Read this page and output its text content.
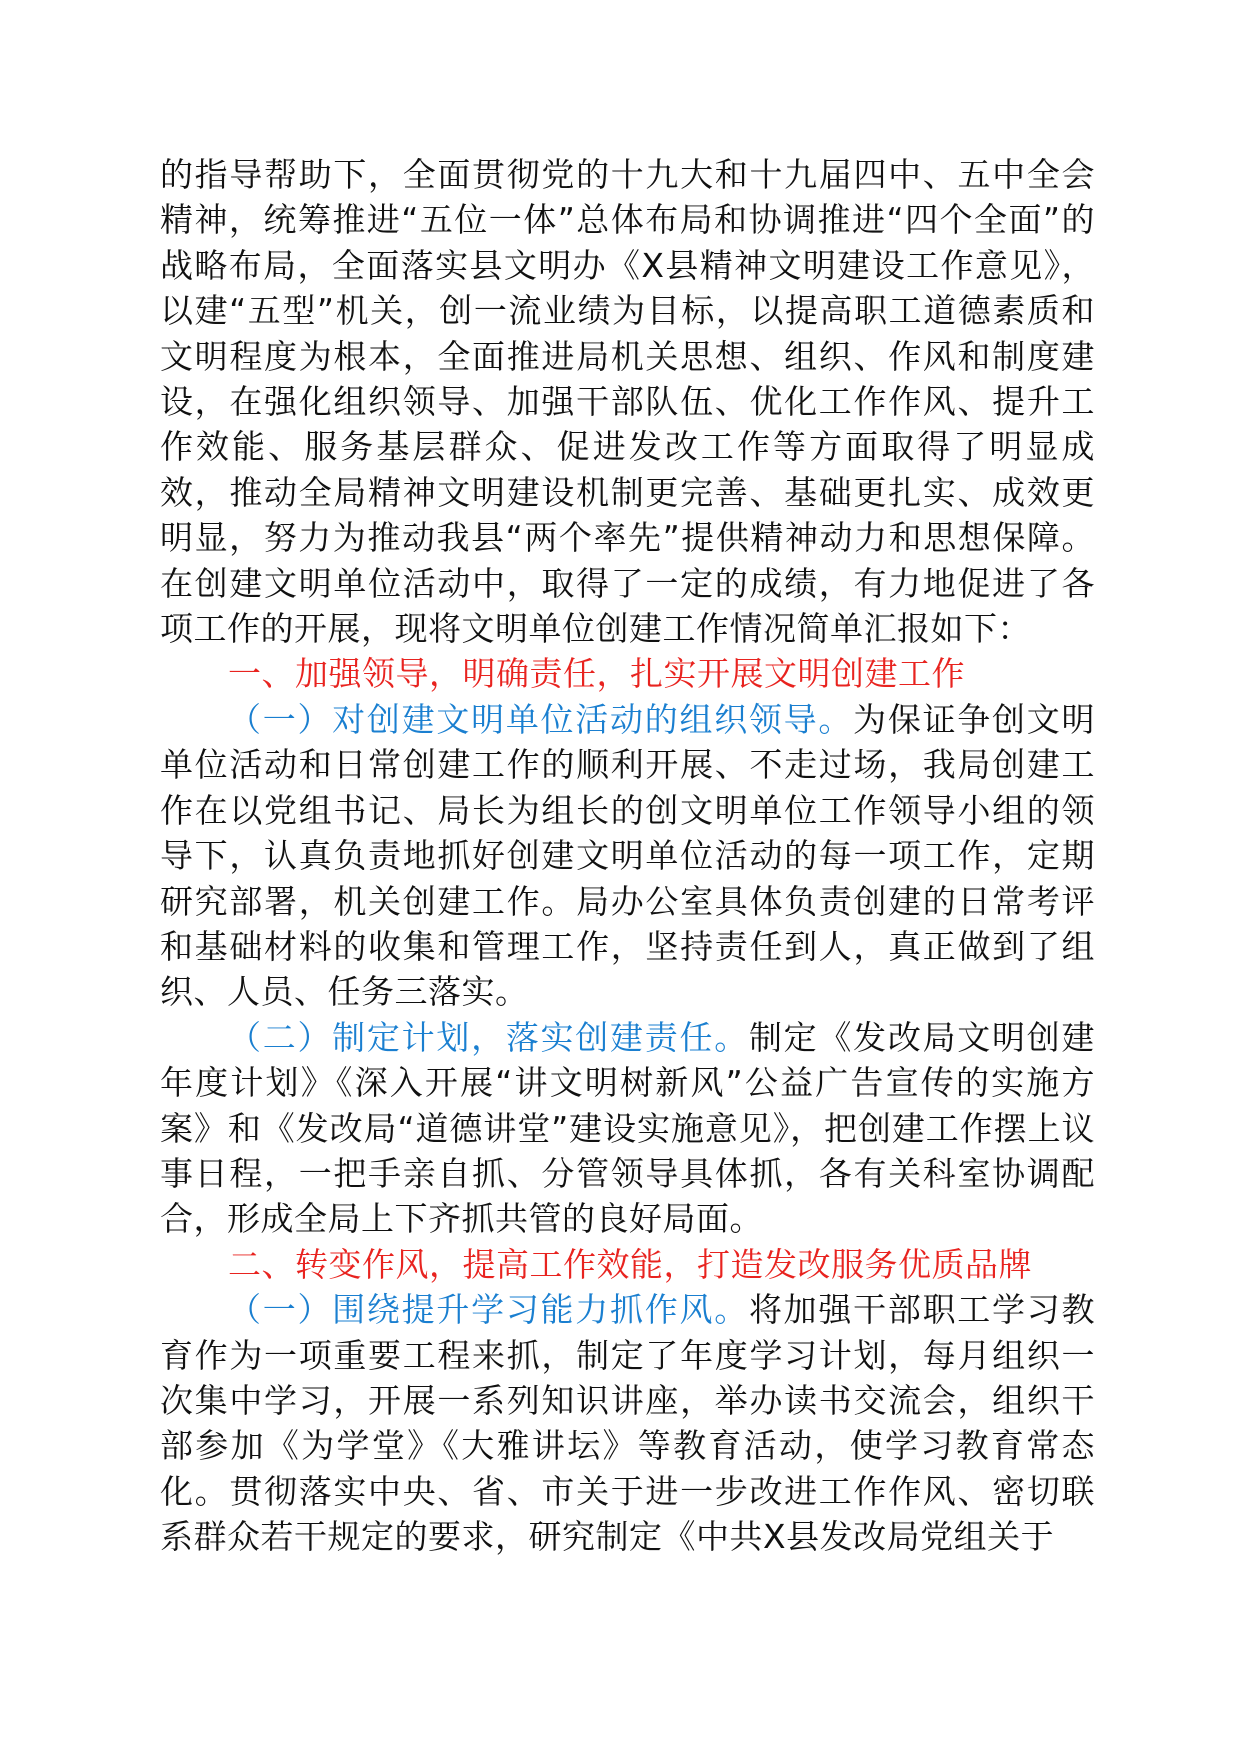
的指导帮助下，全面贯彻党的十九大和十九届四中、五中全会精神，统筹推进“五位一体”总体布局和协调推进“四个全面”的战略布局，全面落实县文明办《X县精神文明建设工作意见》，以建“五型”机关，创一流业绩为目标，以提高职工道德素质和文明程度为根本，全面推进局机关思想、组织、作风和制度建设，在强化组织领导、加强干部队伍、优化工作作风、提升工作效能、服务基层群众、促进发改工作等方面取得了明显成效，推动全局精神文明建设机制更完善、基础更扎实、成效更明显，努力为推动我县“两个率先”提供精神动力和思想保障。在创建文明单位活动中，取得了一定的成绩，有力地促进了各项工作的开展，现将文明单位创建工作情况简单汇报如下：

一、加强领导，明确责任，扎实开展文明创建工作

（一）对创建文明单位活动的组织领导。为保证争创文明单位活动和日常创建工作的顺利开展、不走过场，我局创建工作在以党组书记、局长为组长的创文明单位工作领导小组的领导下，认真负责地抓好创建文明单位活动的每一项工作，定期研究部署，机关创建工作。局办公室具体负责创建的日常考评和基础材料的收集和管理工作，坚持责任到人，真正做到了组织、人员、任务三落实。

（二）制定计划，落实创建责任。制定《发改局文明创建年度计划》《深入开展“讲文明树新风”公益广告宣传的实施方案》和《发改局“道德讲堂”建设实施意见》，把创建工作摆上议事日程，一把手亲自抓、分管领导具体抓，各有关科室协调配合，形成全局上下齐抓共管的良好局面。

二、转变作风，提高工作效能，打造发改服务优质品牌

（一）围绕提升学习能力抓作风。将加强干部职工学习教育作为一项重要工程来抓，制定了年度学习计划，每月组织一次集中学习，开展一系列知识讲座，举办读书交流会，组织干部参加《为学堂》《大雅讲坛》等教育活动，使学习教育常态化。贯彻落实中央、省、市关于进一步改进工作作风、密切联系群众若干规定的要求，研究制定《中共X县发改局党组关于
